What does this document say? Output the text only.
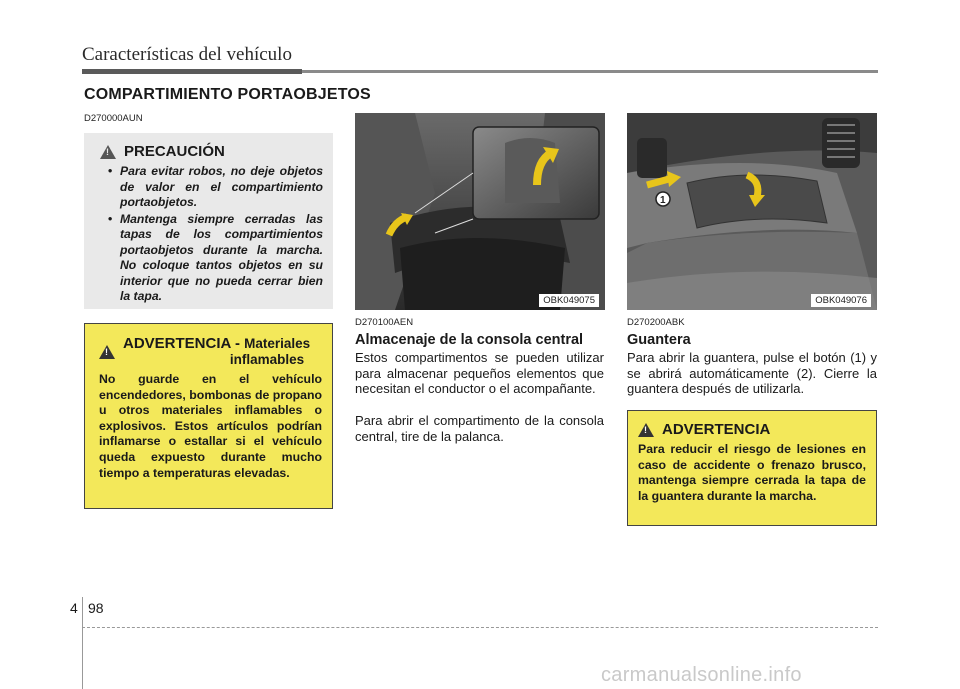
Características del vehículo
COMPARTIMIENTO PORTAOBJETOS
D270000AUN
!
PRECAUCIÓN
• Para evitar robos, no deje objetos de valor en el compartimiento portaobjetos.
• Mantenga siempre cerradas las tapas de los compartimientos portaobjetos durante la marcha. No coloque tantos objetos en su interior que no pueda cerrar bien la tapa.
!
ADVERTENCIA - Materiales
inflamables
No guarde en el vehículo encendedores, bombonas de propano u otros materiales inflamables o explosivos. Estos artículos podrían inflamarse o estallar si el vehículo queda expuesto durante mucho tiempo a temperaturas elevadas.
OBK049075
1
OBK049076
D270100AEN
Almacenaje de la consola central
Estos compartimentos se pueden utilizar para almacenar pequeños elementos que necesitan el conductor o el acompañante.
Para abrir el compartimento de la consola central, tire de la palanca.
D270200ABK
Guantera
Para abrir la guantera, pulse el botón (1) y se abrirá automáticamente (2). Cierre la guantera después de utilizarla.
!
ADVERTENCIA
Para reducir el riesgo de lesiones en caso de accidente o frenazo brusco, mantenga siempre cerrada la tapa de la guantera durante la marcha.
4 98
carmanualsonline.info
